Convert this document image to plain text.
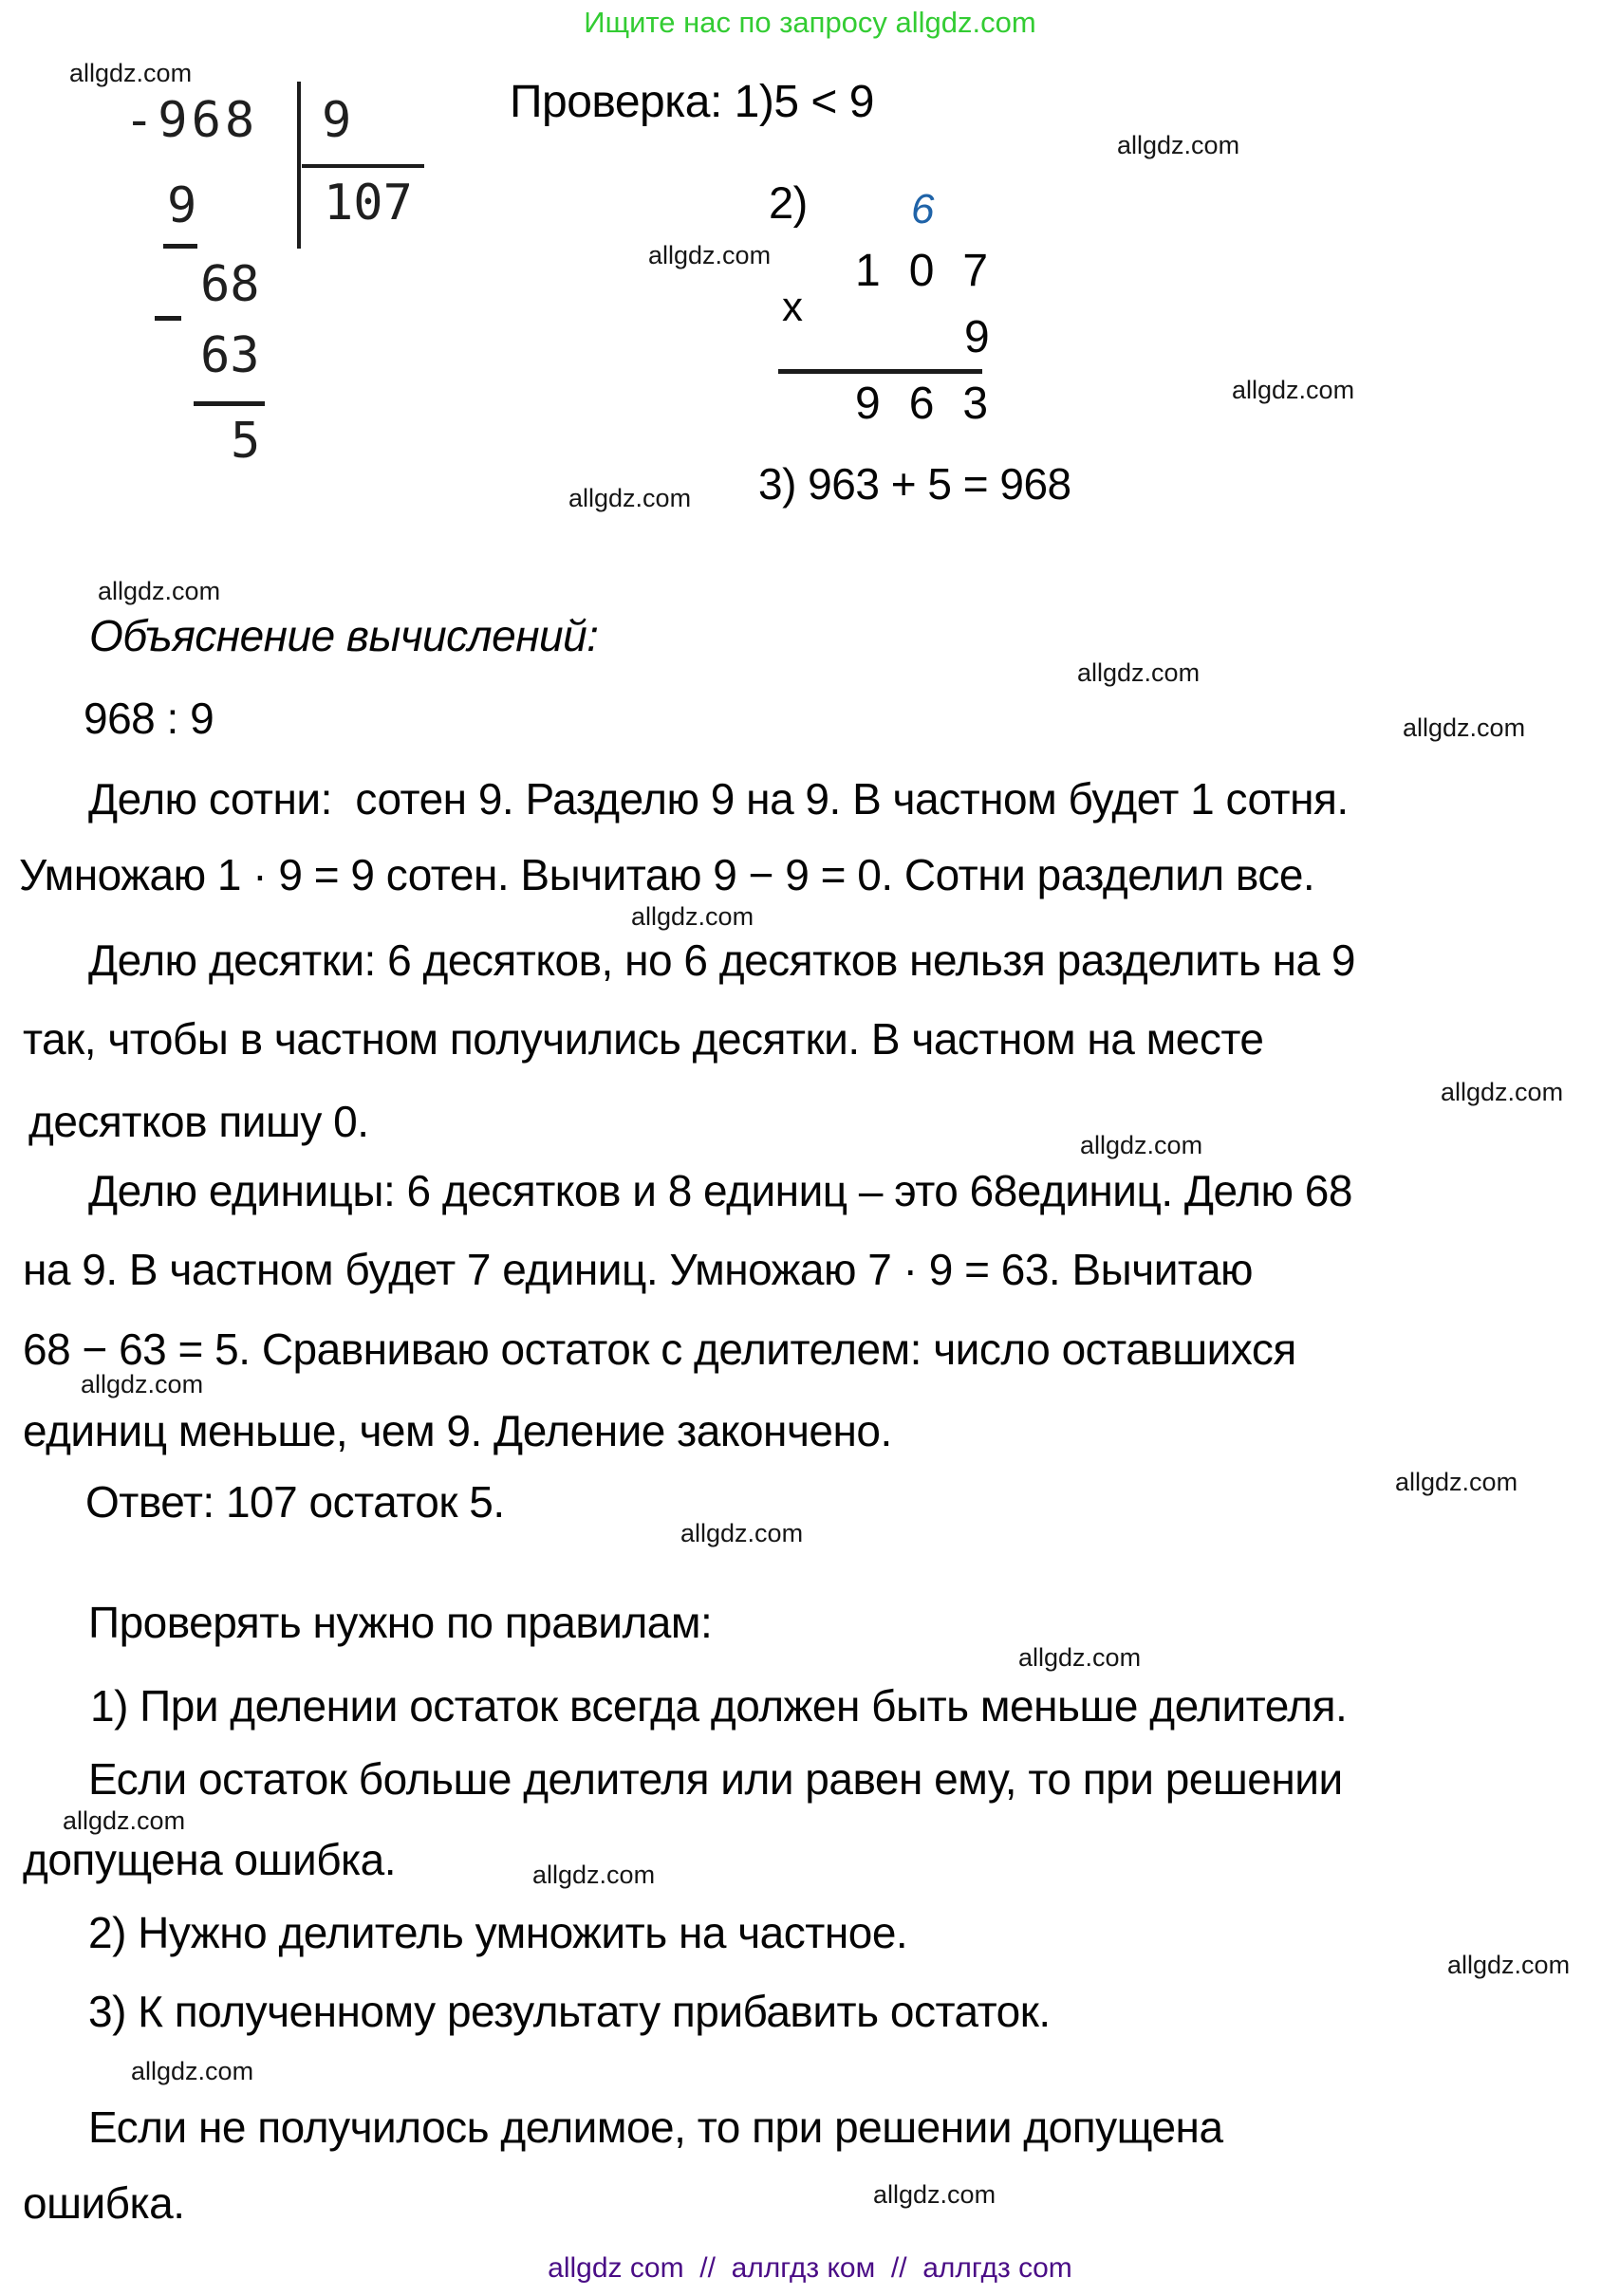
Ищите нас по запросу allgdz.com
allgdz.com
allgdz.com
allgdz.com
allgdz.com
allgdz.com
allgdz.com
allgdz.com
allgdz.com
allgdz.com
allgdz.com
allgdz.com
allgdz.com
allgdz.com
allgdz.com
allgdz.com
allgdz.com
allgdz.com
allgdz.com
allgdz.com
allgdz.com
-968 9
107
9
68
63
5
Проверка: 1)5 < 9
2) 6
107
x
9
963
3) 963 + 5 = 968
Объяснение вычислений:
968 : 9
Делю сотни:  сотен 9. Разделю 9 на 9. В частном будет 1 сотня.
Умножаю 1 · 9 = 9 сотен. Вычитаю 9 − 9 = 0. Сотни разделил все.
Делю десятки: 6 десятков, но 6 десятков нельзя разделить на 9
так, чтобы в частном получились десятки. В частном на месте
десятков пишу 0.
Делю единицы: 6 десятков и 8 единиц – это 68единиц. Делю 68
на 9. В частном будет 7 единиц. Умножаю 7 · 9 = 63. Вычитаю
68 − 63 = 5. Сравниваю остаток с делителем: число оставшихся
единиц меньше, чем 9. Деление закончено.
Ответ: 107 остаток 5.
Проверять нужно по правилам:
1) При делении остаток всегда должен быть меньше делителя.
Если остаток больше делителя или равен ему, то при решении
допущена ошибка.
2) Нужно делитель умножить на частное.
3) К полученному результату прибавить остаток.
Если не получилось делимое, то при решении допущена
ошибка.
allgdz com  //  аллгдз ком  //  аллгдз com
